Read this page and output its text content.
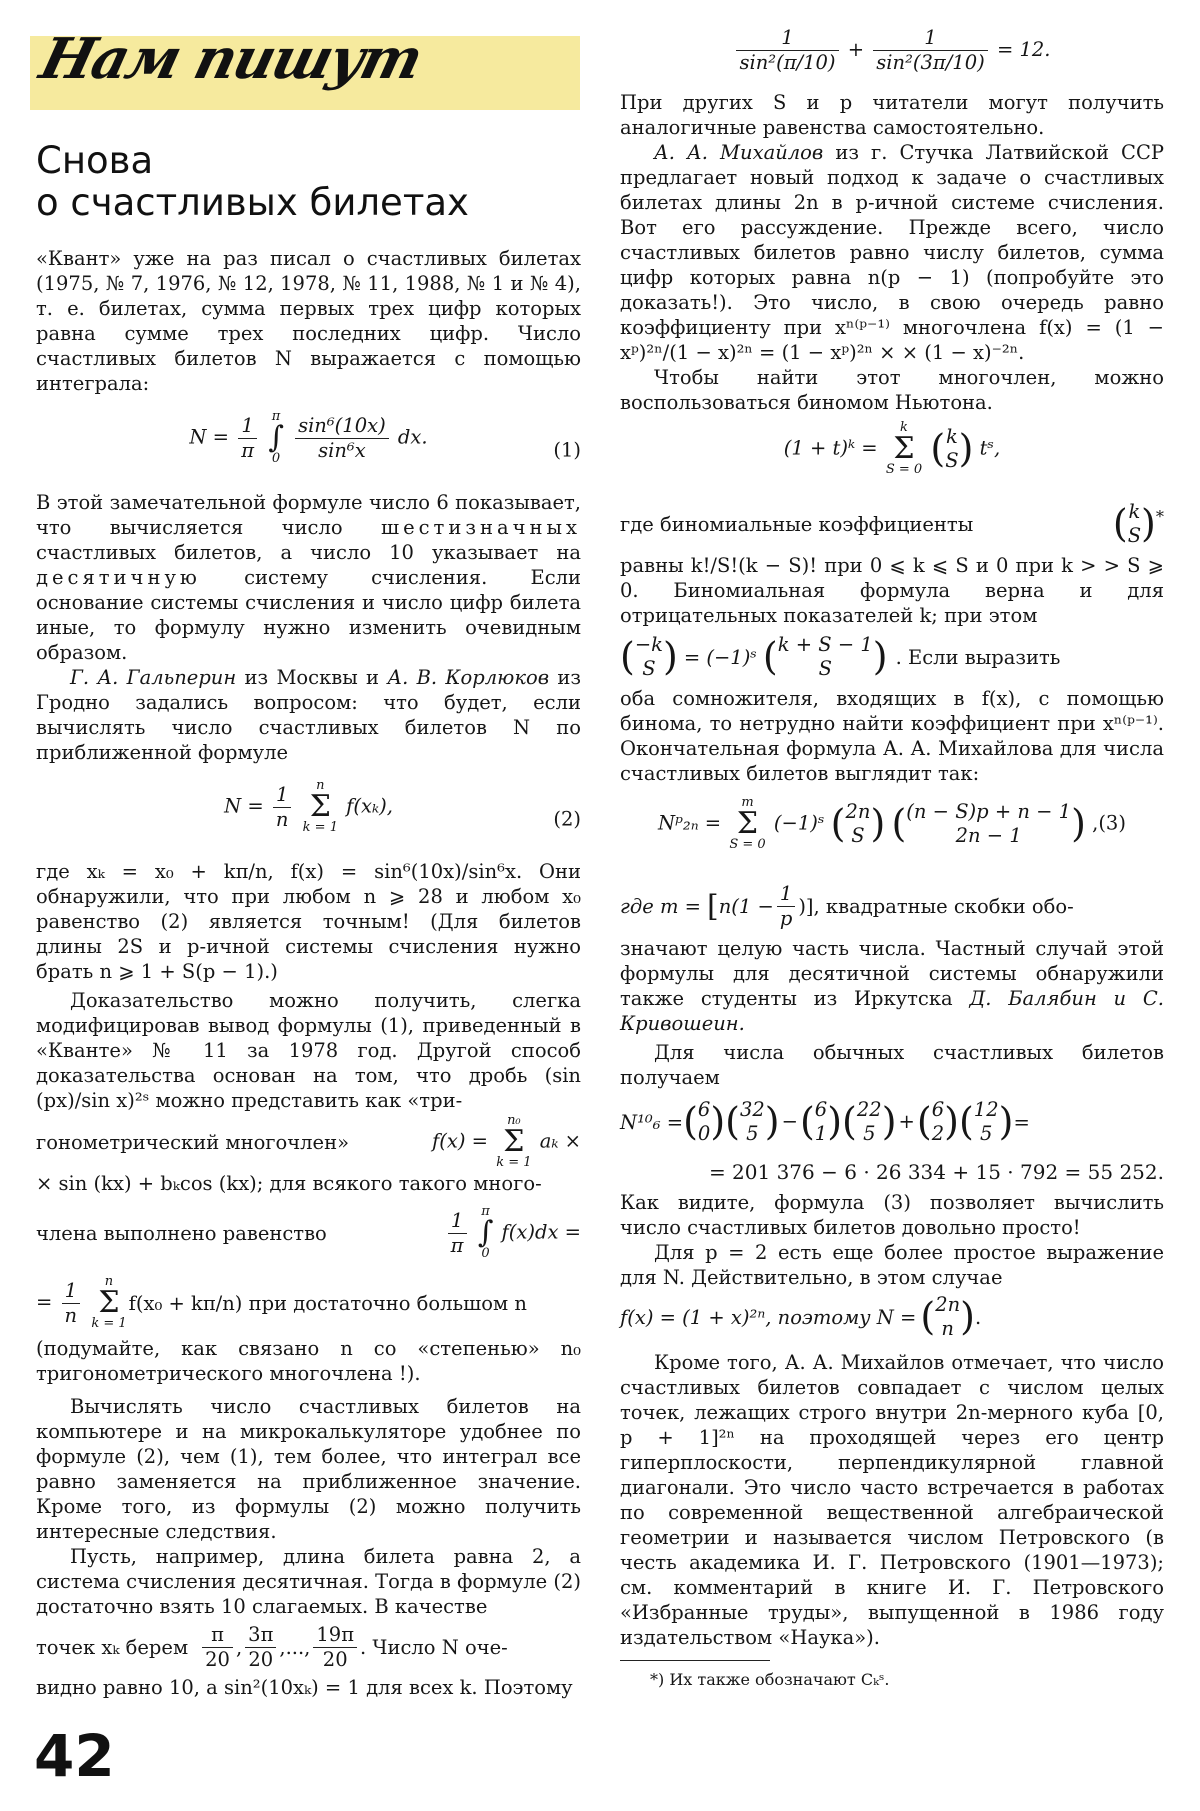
Нам пишут
Снова
о счастливых билетах

«Квант» уже на раз писал о счастливых билетах (1975, № 7, 1976, № 12, 1978, № 11, 1988, № 1 и № 4), т. е. билетах, сумма первых трех цифр которых равна сумме трех последних цифр. Число счастливых билетов N выражается с помощью интеграла:

$N = \frac{1}{\pi}$
π
∫
0
$\frac{\text{sin⁶(10x)}}{\text{sin⁶x}}$ dx.
(1)

В этой замечательной формуле число 6 показывает, что вычисляется число шестизначных счастливых билетов, а число 10 указывает на десятичную систему счисления. Если основание системы счисления и число цифр билета иные, то формулу нужно изменить очевидным образом.

Г. А. Гальперин из Москвы и А. В. Корлюков из Гродно задались вопросом: что будет, если вычислять число счастливых билетов N по приближенной формуле

$N = \frac{1}{n}$
	n
Σ
k = 1
f(xₖ),
(2)

где xₖ = x₀ + kπ/n, f(x) = sin⁶(10x)/sin⁶x. Они обнаружили, что при любом n ⩾ 28 и любом x₀ равенство (2) является точным! (Для билетов длины 2S и p-ичной системы счисления нужно брать n ⩾ 1 + S(p − 1).)

Доказательство можно получить, слегка модифицировав вывод формулы (1), приведенный в «Кванте» № 11 за 1978 год. Другой способ доказательства основан на том, что дробь (sin (px)/sin x)²ˢ можно представить как «три-

гонометрический многочлен»	f(x) =
n₀
Σ
k = 1
aₖ ×

× sin (kx) + bₖcos (kx); для всякого такого много-

члена выполнено равенство	$\frac{1}{\pi}$
π
∫
0
f(x)dx =
= $\frac{1}{n}$
	n
Σ
k = 1
f(x₀ + kπ/n) при достаточно большом n

(подумайте, как связано n со «степенью» n₀ тригонометрического многочлена !).

Вычислять число счастливых билетов на компьютере и на микрокалькуляторе удобнее по формуле (2), чем (1), тем более, что интеграл все равно заменяется на приближенное значение. Кроме того, из формулы (2) можно получить интересные следствия.

Пусть, например, длина билета равна 2, а система счисления десятичная. Тогда в формуле (2) достаточно взять 10 слагаемых. В качестве

точек xₖ берем $\frac{\pi}{20}$ , $\frac{3\pi}{20}$ ,..., $\frac{19\pi}{20}$ . Число N оче-

видно равно 10, а sin²(10xₖ) = 1 для всех k. Поэтому

$\frac{1}{\text{sin²(π/10)}} + \frac{1}{\text{sin²(3π/10)}} = 12$.

При других S и p читатели могут получить аналогичные равенства самостоятельно.

А. А. Михайлов из г. Стучка Латвийской ССР предлагает новый подход к задаче о счастливых билетах длины 2n в p-ичной системе счисления. Вот его рассуждение. Прежде всего, число счастливых билетов равно числу билетов, сумма цифр которых равна n(p − 1) (попробуйте это доказать!). Это число, в свою очередь равно коэффициенту при xⁿ⁽ᵖ⁻¹⁾ многочлена f(x) = (1 − xᵖ)²ⁿ/(1 − x)²ⁿ = (1 − xᵖ)²ⁿ × × (1 − x)⁻²ⁿ.

Чтобы найти этот многочлен, можно воспользоваться биномом Ньютона.

(1 + t)ᵏ =
k
Σ
S = 0 ( k
S ) tˢ,
где биномиальные коэффициенты	( k
S )*

равны k!/S!(k − S)! при 0 ⩽ k ⩽ S и 0 при k > > S ⩾ 0. Биномиальная формула верна и для отрицательных показателей k; при этом

( −k
S ) = (−1)ˢ ( k + S − 1
S	) . Если выразить

оба сомножителя, входящих в f(x), с помощью бинома, то нетрудно найти коэффициент при xⁿ⁽ᵖ⁻¹⁾. Окончательная формула А. А. Михайлова для числа счастливых билетов выглядит так:

Nᵖ₂ₙ =
m
Σ
S = 0
(−1)ˢ ( 2n
S ) ( (n − S)p + n − 1
2n − 1	) ,(3)
где m = [ $n(1 - \frac{1}{p}$ )] , квадратные скобки обо-

значают целую часть числа. Частный случай этой формулы для десятичной системы обнаружили также студенты из Иркутска Д. Балябин и С. Кривошеин.

Для числа обычных счастливых билетов получаем

N¹⁰₆ = ( 6
0 )( 32
5 ) −( 6
1 )( 22
5 ) +( 6
2 )( 12
5 ) =
= 201 376 − 6 · 26 334 + 15 · 792 = 55 252.

Как видите, формула (3) позволяет вычислить число счастливых билетов довольно просто!

Для p = 2 есть еще более простое выражение для N. Действительно, в этом случае

f(x) = (1 + x)²ⁿ, поэтому N = ( 2n
n ) .

Кроме того, А. А. Михайлов отмечает, что число счастливых билетов совпадает с числом целых точек, лежащих строго внутри 2n-мерного куба [0, p + 1]²ⁿ на проходящей через его центр гиперплоскости, перпендикулярной главной диагонали. Это число часто встречается в работах по современной вещественной алгебраической геометрии и называется числом Петровского (в честь академика И. Г. Петровского (1901—1973); см. комментарий в книге И. Г. Петровского «Избранные труды», выпущенной в 1986 году издательством «Наука»).

*) Их также обозначают Cₖˢ.
42
